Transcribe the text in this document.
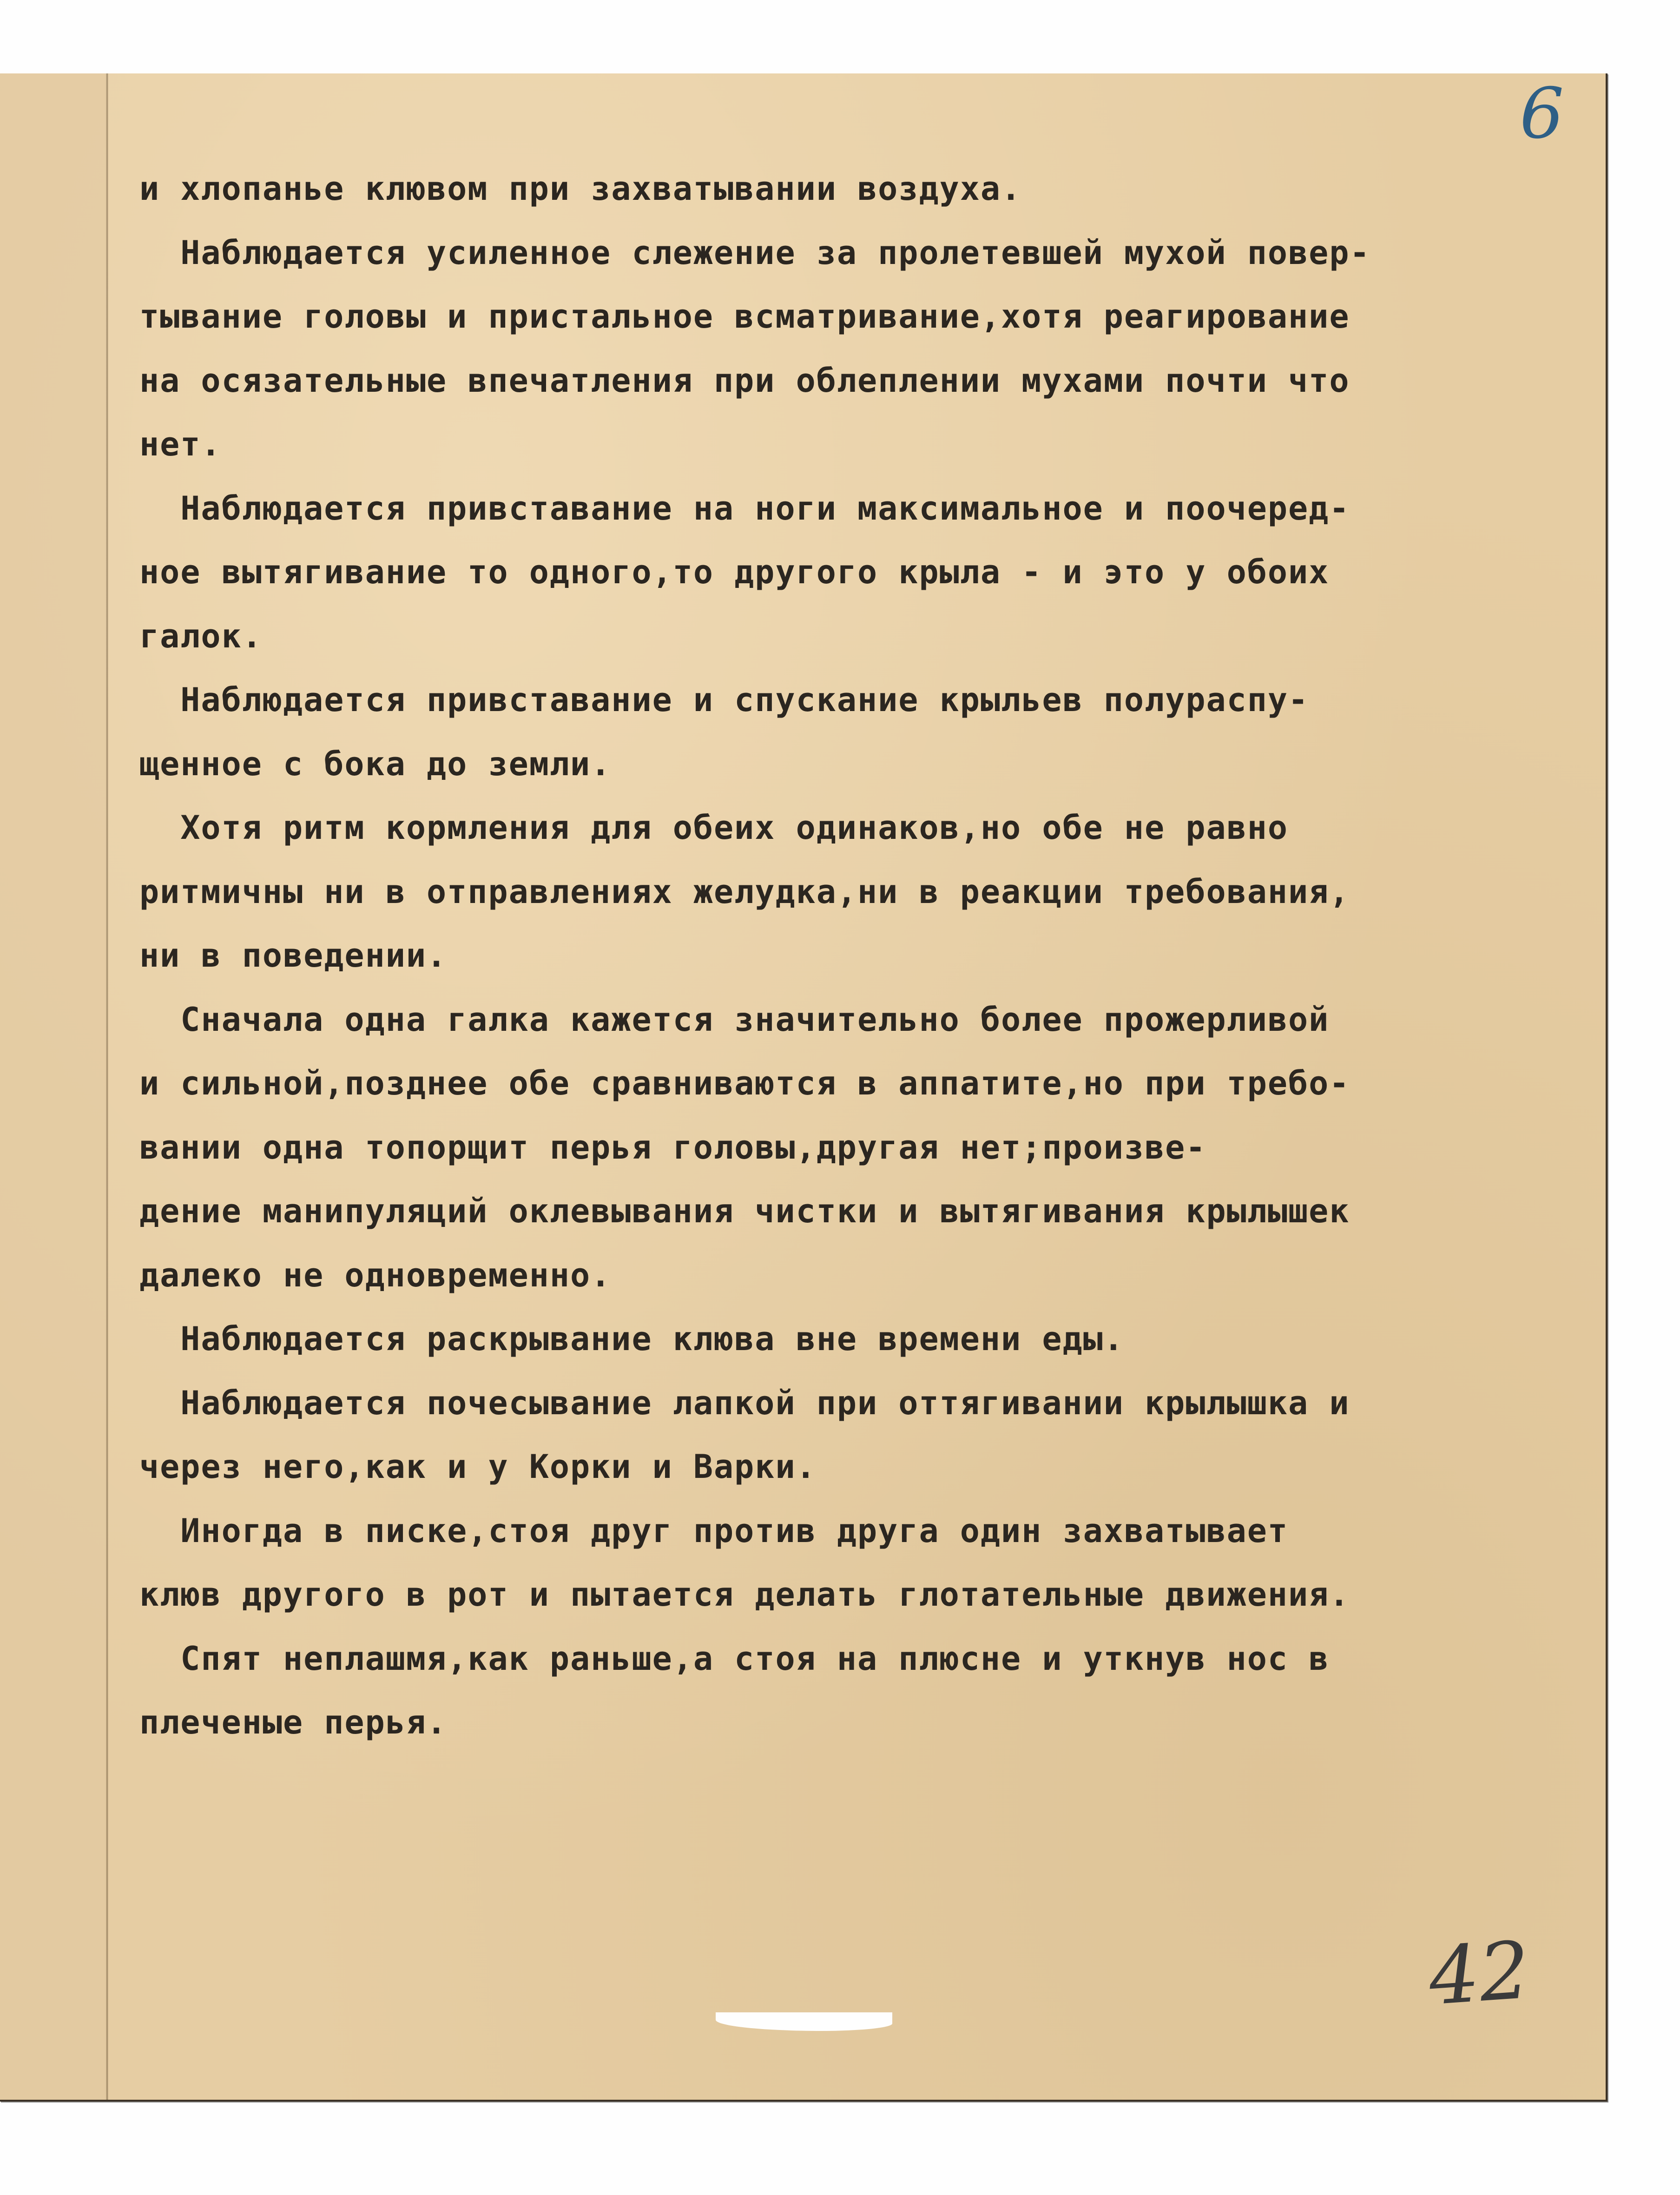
6
и хлопанье клювом при захватывании воздуха.
Наблюдается усиленное слежение за пролетевшей мухой повер-
тывание головы и пристальное всматривание,хотя реагирование
на осязательные впечатления при облеплении мухами почти что
нет.
Наблюдается привставание на ноги максимальное и поочеред-
ное вытягивание то одного,то другого крыла - и это у обоих
галок.
Наблюдается привставание и спускание крыльев полураспу-
щенное с бока до земли.
Хотя ритм кормления для обеих одинаков,но обе не равно
ритмичны ни в отправлениях желудка,ни в реакции требования,
ни в поведении.
Сначала одна галка кажется значительно более прожерливой
и сильной,позднее обе сравниваются в аппатите,но при требо-
вании одна топорщит перья головы,другая нет;произве-
дение манипуляций оклевывания чистки и вытягивания крылышек
далеко не одновременно.
Наблюдается раскрывание клюва вне времени еды.
Наблюдается почесывание лапкой при оттягивании крылышка и
через него,как и у Корки и Варки.
Иногда в писке,стоя друг против друга один захватывает
клюв другого в рот и пытается делать глотательные движения.
Спят неплашмя,как раньше,а стоя на плюсне и уткнув нос в
плеченые перья.
42
